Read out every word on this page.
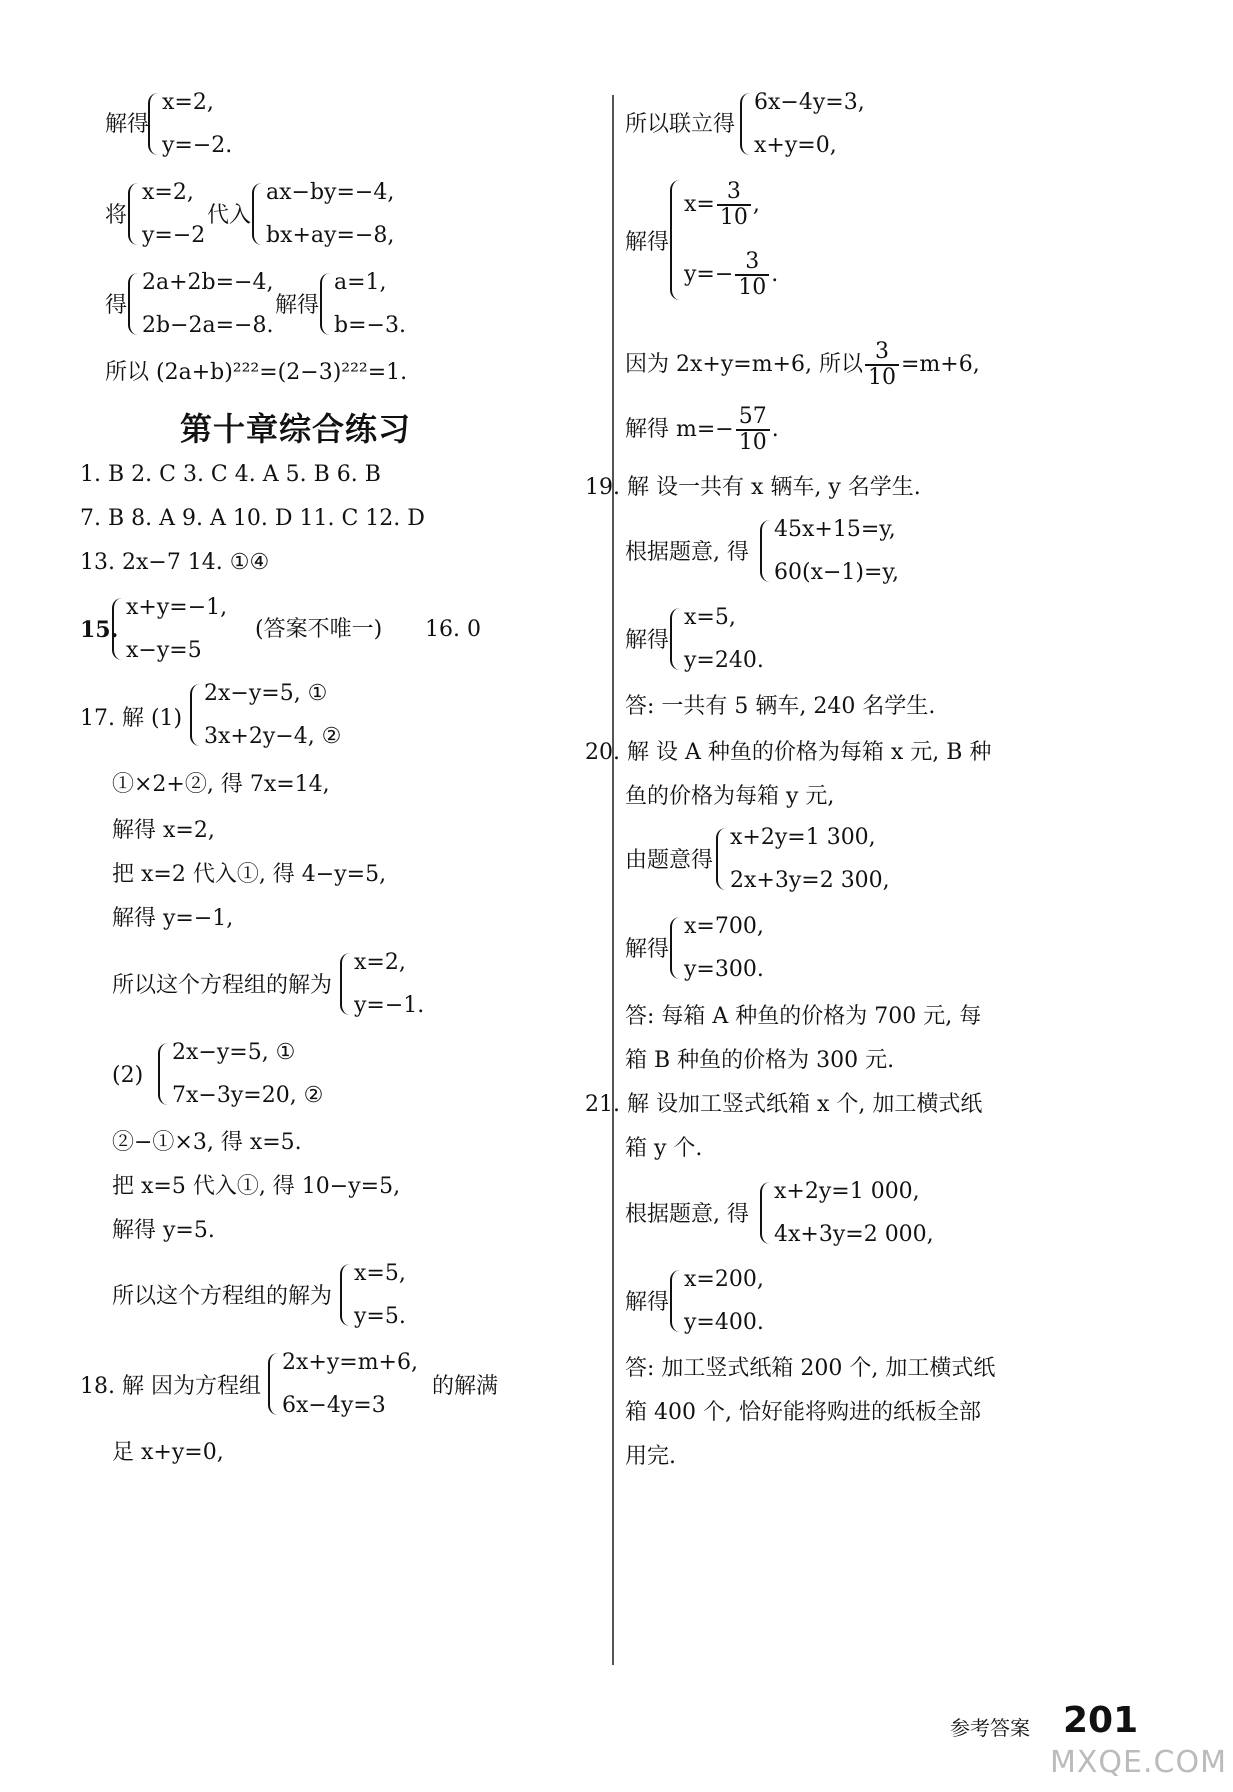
解得
x=2,
y=−2.
将
x=2,
y=−2
代入
ax−by=−4,
bx+ay=−8,
得
2a+2b=−4,
2b−2a=−8.
解得
a=1,
b=−3.
所以 (2a+b)²²²=(2−3)²²²=1.
第十章综合练习
1. B 2. C 3. C 4. A 5. B 6. B
7. B 8. A 9. A 10. D 11. C 12. D
13. 2x−7 14. ①④
15.
x+y=−1,
x−y=5
(答案不唯一) 16. 0
17. 解 (1)
2x−y=5, ①
3x+2y−4, ②
①×2+②, 得 7x=14,
解得 x=2,
把 x=2 代入①, 得 4−y=5,
解得 y=−1,
所以这个方程组的解为
x=2,
y=−1.
(2)
2x−y=5, ①
7x−3y=20, ②
②−①×3, 得 x=5.
把 x=5 代入①, 得 10−y=5,
解得 y=5.
所以这个方程组的解为
x=5,
y=5.
18. 解 因为方程组
2x+y=m+6,
6x−4y=3
的解满
足 x+y=0,
所以联立得
6x−4y=3,
x+y=0,
解得
$x= \frac{3}{10}$ ,
$y=- \frac{3}{10}$ .
因为 2x+y=m+6, 所以 $\frac{3}{10} =m+6$,
解得 $m=- \frac{57}{10}$ .
19. 解 设一共有 x 辆车, y 名学生.
根据题意, 得
45x+15=y,
60(x−1)=y,
解得
x=5,
y=240.
答: 一共有 5 辆车, 240 名学生.
20. 解 设 A 种鱼的价格为每箱 x 元, B 种
鱼的价格为每箱 y 元,
由题意得
x+2y=1 300,
2x+3y=2 300,
解得
x=700,
y=300.
答: 每箱 A 种鱼的价格为 700 元, 每
箱 B 种鱼的价格为 300 元.
21. 解 设加工竖式纸箱 x 个, 加工横式纸
箱 y 个.
根据题意, 得
x+2y=1 000,
4x+3y=2 000,
解得
x=200,
y=400.
答: 加工竖式纸箱 200 个, 加工横式纸
箱 400 个, 恰好能将购进的纸板全部
用完.
参考答案 201
MXQE.COM
